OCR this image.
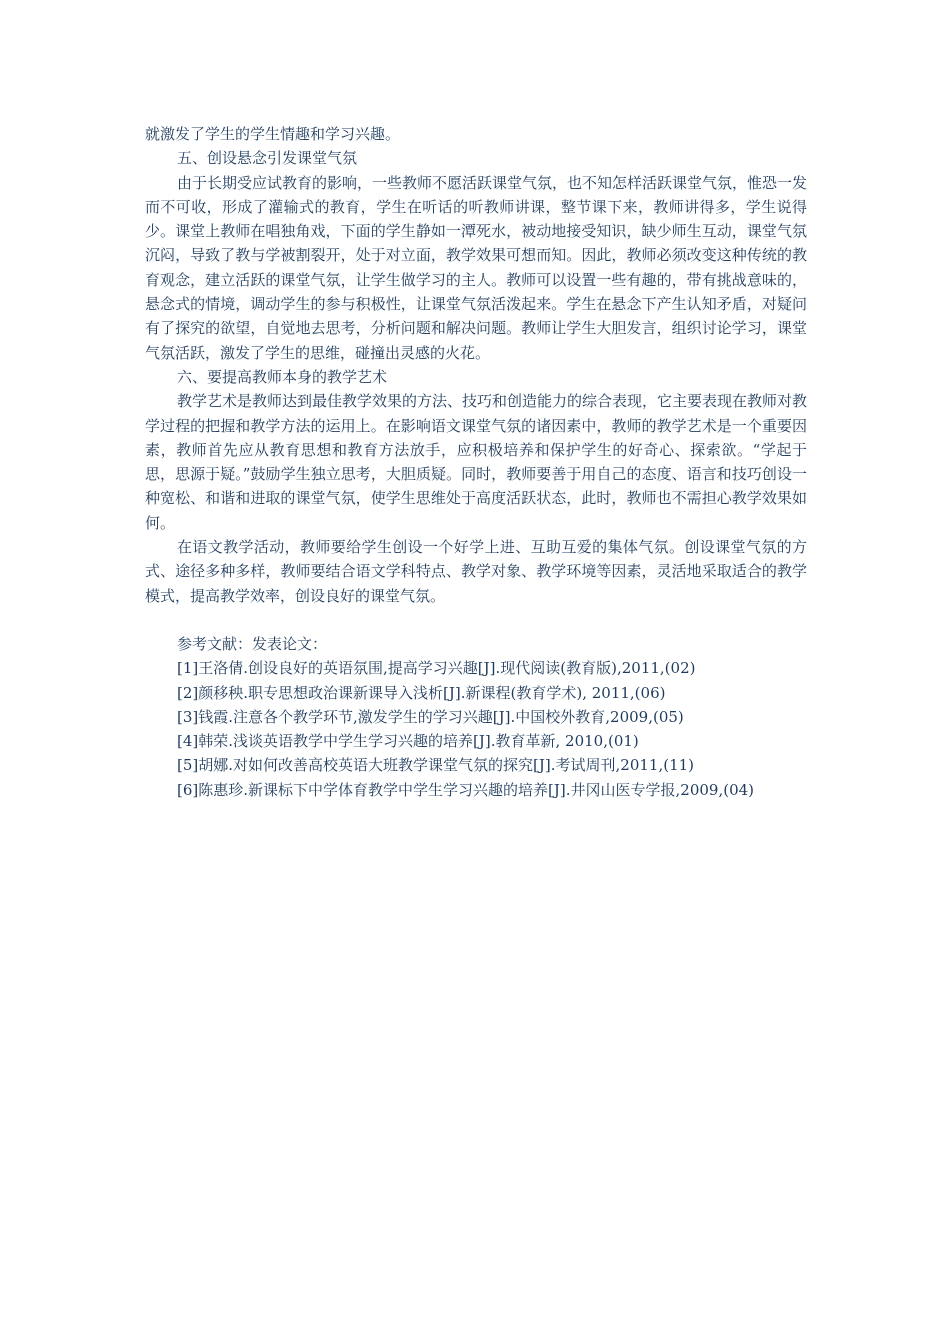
就激发了学生的学生情趣和学习兴趣。

五、创设悬念引发课堂气氛

由于长期受应试教育的影响，一些教师不愿活跃课堂气氛，也不知怎样活跃课堂气氛，惟恐一发而不可收，形成了灌输式的教育，学生在听话的听教师讲课，整节课下来，教师讲得多，学生说得少。课堂上教师在唱独角戏，下面的学生静如一潭死水，被动地接受知识，缺少师生互动，课堂气氛沉闷，导致了教与学被割裂开，处于对立面，教学效果可想而知。因此，教师必须改变这种传统的教育观念，建立活跃的课堂气氛，让学生做学习的主人。教师可以设置一些有趣的，带有挑战意味的，悬念式的情境，调动学生的参与积极性，让课堂气氛活泼起来。学生在悬念下产生认知矛盾，对疑问有了探究的欲望，自觉地去思考，分析问题和解决问题。教师让学生大胆发言，组织讨论学习，课堂气氛活跃，激发了学生的思维，碰撞出灵感的火花。

六、要提高教师本身的教学艺术

教学艺术是教师达到最佳教学效果的方法、技巧和创造能力的综合表现，它主要表现在教师对教学过程的把握和教学方法的运用上。在影响语文课堂气氛的诸因素中，教师的教学艺术是一个重要因素，教师首先应从教育思想和教育方法放手，应积极培养和保护学生的好奇心、探索欲。“学起于思，思源于疑。”鼓励学生独立思考，大胆质疑。同时，教师要善于用自己的态度、语言和技巧创设一种宽松、和谐和进取的课堂气氛，使学生思维处于高度活跃状态，此时，教师也不需担心教学效果如何。

在语文教学活动，教师要给学生创设一个好学上进、互助互爱的集体气氛。创设课堂气氛的方式、途径多种多样，教师要结合语文学科特点、教学对象、教学环境等因素，灵活地采取适合的教学模式，提高教学效率，创设良好的课堂气氛。

参考文献：发表论文：

[1]王洛倩.创设良好的英语氛围,提高学习兴趣[J].现代阅读(教育版),2011,(02)

[2]颜移秧.职专思想政治课新课导入浅析[J].新课程(教育学术), 2011,(06)

[3]钱霞.注意各个教学环节,激发学生的学习兴趣[J].中国校外教育,2009,(05)

[4]韩荣.浅谈英语教学中学生学习兴趣的培养[J].教育革新, 2010,(01)

[5]胡娜.对如何改善高校英语大班教学课堂气氛的探究[J].考试周刊,2011,(11)

[6]陈惠珍.新课标下中学体育教学中学生学习兴趣的培养[J].井冈山医专学报,2009,(04)
